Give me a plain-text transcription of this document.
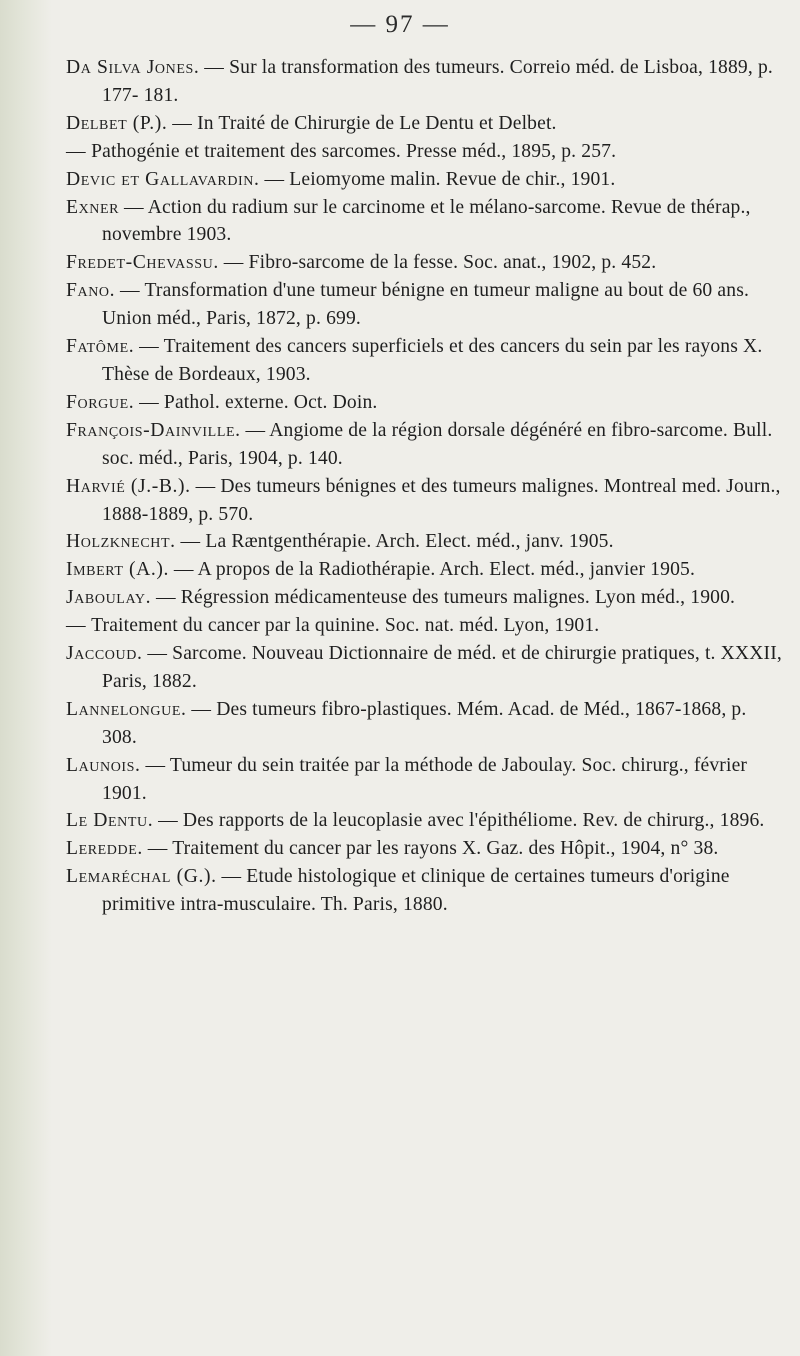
— 97 —
Da Silva Jones. — Sur la transformation des tumeurs. Correio méd. de Lisboa, 1889, p. 177- 181.
Delbet (P.). — In Traité de Chirurgie de Le Dentu et Delbet.
— Pathogénie et traitement des sarcomes. Presse méd., 1895, p. 257.
Devic et Gallavardin. — Leiomyome malin. Revue de chir., 1901.
Exner — Action du radium sur le carcinome et le mélano-sarcome. Revue de thérap., novembre 1903.
Fredet-Chevassu. — Fibro-sarcome de la fesse. Soc. anat., 1902, p. 452.
Fano. — Transformation d'une tumeur bénigne en tumeur maligne au bout de 60 ans. Union méd., Paris, 1872, p. 699.
Fatôme. — Traitement des cancers superficiels et des cancers du sein par les rayons X. Thèse de Bordeaux, 1903.
Forgue. — Pathol. externe. Oct. Doin.
François-Dainville. — Angiome de la région dorsale dégénéré en fibro-sarcome. Bull. soc. méd., Paris, 1904, p. 140.
Harvié (J.-B.). — Des tumeurs bénignes et des tumeurs malignes. Montreal med. Journ., 1888-1889, p. 570.
Holzknecht. — La Ræntgenthérapie. Arch. Elect. méd., janv. 1905.
Imbert (A.). — A propos de la Radiothérapie. Arch. Elect. méd., janvier 1905.
Jaboulay. — Régression médicamenteuse des tumeurs malignes. Lyon méd., 1900.
— Traitement du cancer par la quinine. Soc. nat. méd. Lyon, 1901.
Jaccoud. — Sarcome. Nouveau Dictionnaire de méd. et de chirurgie pratiques, t. XXXII, Paris, 1882.
Lannelongue. — Des tumeurs fibro-plastiques. Mém. Acad. de Méd., 1867-1868, p. 308.
Launois. — Tumeur du sein traitée par la méthode de Jaboulay. Soc. chirurg., février 1901.
Le Dentu. — Des rapports de la leucoplasie avec l'épithéliome. Rev. de chirurg., 1896.
Leredde. — Traitement du cancer par les rayons X. Gaz. des Hôpit., 1904, n° 38.
Lemaréchal (G.). — Etude histologique et clinique de certaines tumeurs d'origine primitive intra-musculaire. Th. Paris, 1880.
